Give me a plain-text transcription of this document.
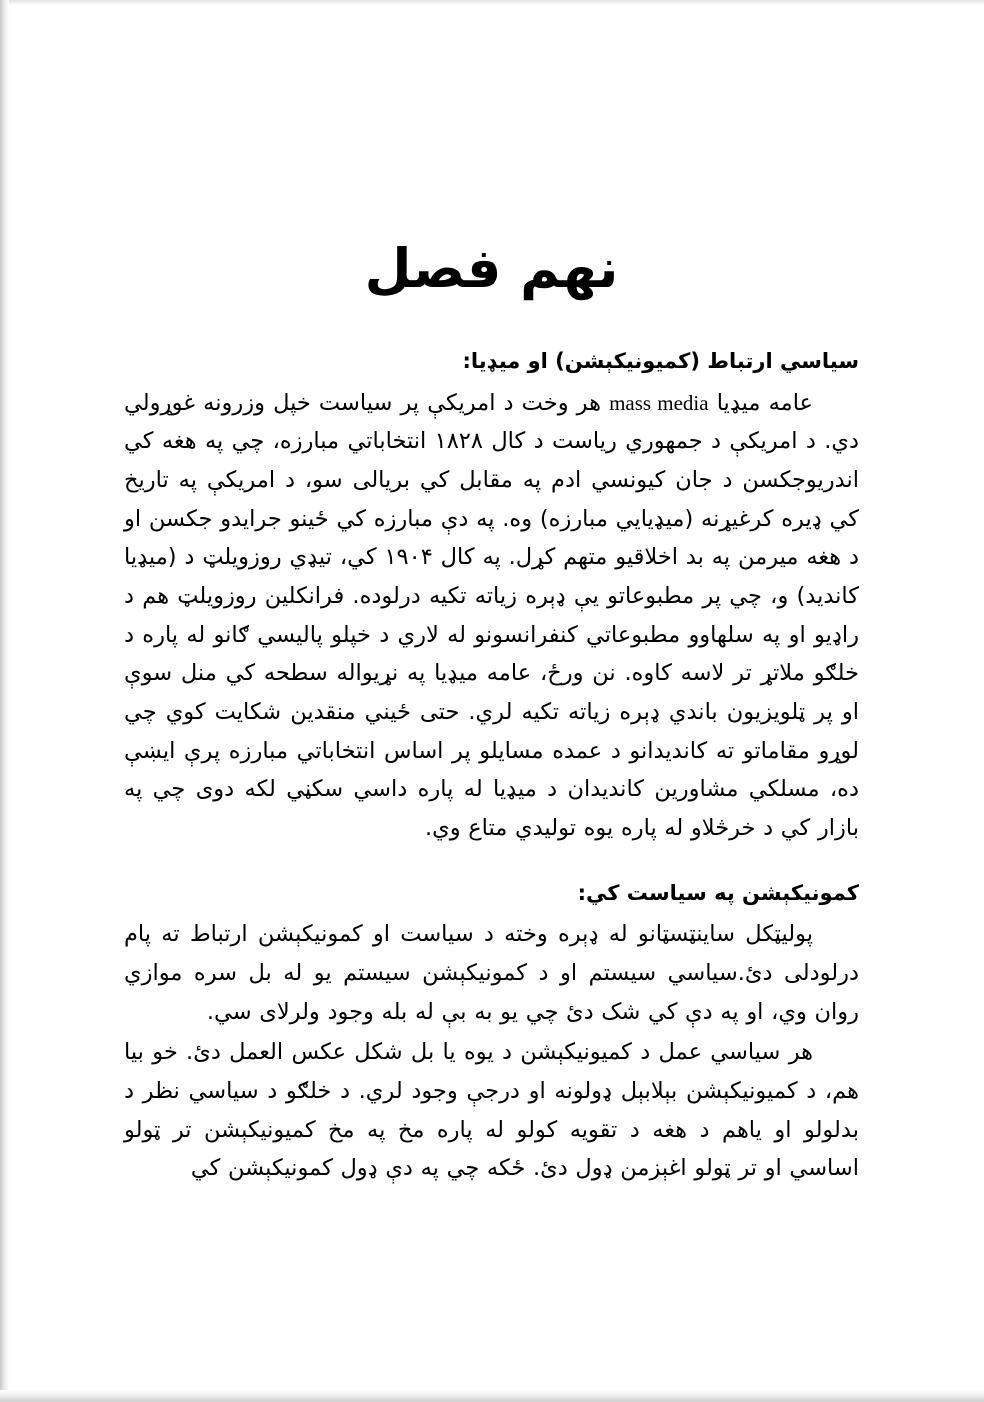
نهم فصل
سیاسي ارتباط (کمیونیکېشن) او میډیا:

عامه میډیا mass media هر وخت د امریکې پر سیاست خپل وزرونه غوړولي دي. د امریکې د جمهوري ریاست د کال ۱۸۲۸ انتخاباتي مبارزه، چي په هغه کي اندریوجکسن د جان کیونسي ادم په مقابل کي بریالی سو، د امریکې په تاریخ کي ډیره کرغیړنه (میډیایي مبارزه) وه. په دې مبارزه کي ځینو جرایدو جکسن او د هغه میرمن په بد اخلاقیو متهم کړل. په کال ۱۹۰۴ کي، تیډي روزویلټ د (میډیا کاندید) و، چي پر مطبوعاتو یې ډېره زیاته تکیه درلوده. فرانکلین روزویلټ هم د راډیو او په سلهاوو مطبوعاتي کنفرانسونو له لاري د خپلو پالیسي ګانو له پاره د خلګو ملاتړ تر لاسه کاوه. نن ورځ، عامه میډیا په نړیواله سطحه کي منل سوې او پر ټلویزیون باندي ډېره زیاته تکیه لري. حتی ځیني منقدین شکایت کوي چي لوړو مقاماتو ته کاندیدانو د عمده مسایلو پر اساس انتخاباتي مبارزه پرې ایښې ده، مسلکي مشاورین کاندیدان د میډیا له پاره داسي سکڼي لکه دوی چي په بازار کي د خرڅلاو له پاره یوه تولیدي متاع وي.

کمونیکېشن په سیاست کي:

پولیټکل ساینټسټانو له ډېره وخته د سیاست او کمونیکېشن ارتباط ته پام درلودلی دئ.سیاسي سیستم او د کمونیکېشن سیستم یو له بل سره موازي روان وي، او په دې کي شک دئ چي یو به بې له بله وجود ولرلای سي.

هر سیاسي عمل د کمیونیکېشن د یوه یا بل شکل عکس العمل دئ. خو بیا هم، د کمیونیکېشن بېلابېل ډولونه او درجې وجود لري. د خلګو د سیاسي نظر د بدلولو او یاهم د هغه د تقویه کولو له پاره مخ په مخ کمیونیکېشن تر ټولو اساسي او تر ټولو اغېزمن ډول دئ. ځکه چي په دې ډول کمونیکېشن کي
